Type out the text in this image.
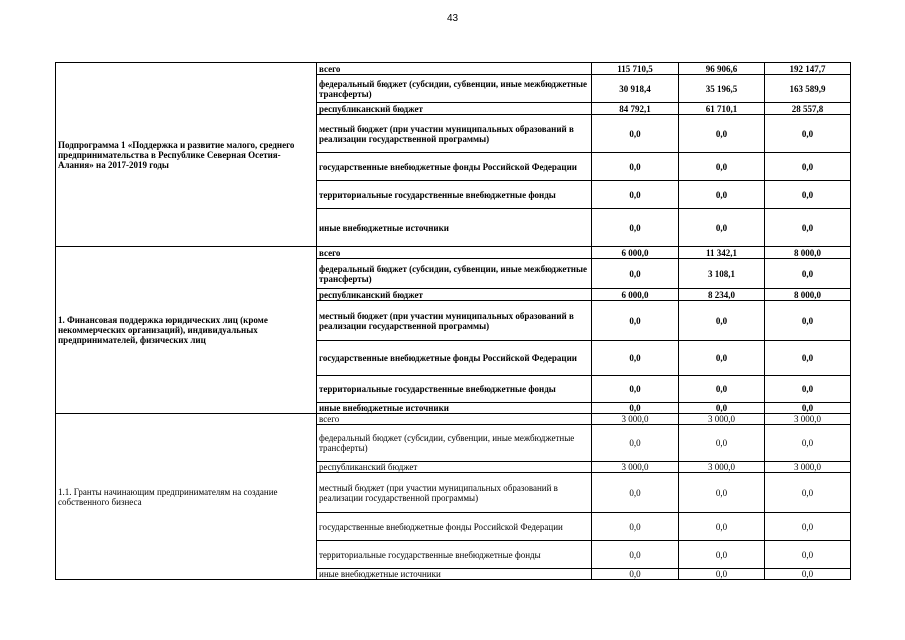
43
Подпрограмма 1 «Поддержка и развитие малого, среднего предпринимательства в Республике Северная Осетия-Алания» на 2017-2019 годы	всего	115 710,5	96 906,6	192 147,7
	федеральный бюджет (субсидии, субвенции, иные межбюджетные трансферты)	30 918,4	35 196,5	163 589,9
	республиканский бюджет	84 792,1	61 710,1	28 557,8
	местный бюджет (при участии муниципальных образований в реализации государственной программы)	0,0	0,0	0,0
	государственные внебюджетные фонды Российской Федерации	0,0	0,0	0,0
	территориальные государственные внебюджетные фонды	0,0	0,0	0,0
	иные внебюджетные источники	0,0	0,0	0,0
1. Финансовая поддержка юридических лиц (кроме некоммерческих организаций), индивидуальных предпринимателей, физических лиц	всего	6 000,0	11 342,1	8 000,0
	федеральный бюджет (субсидии, субвенции, иные межбюджетные трансферты)	0,0	3 108,1	0,0
	республиканский бюджет	6 000,0	8 234,0	8 000,0
	местный бюджет (при участии муниципальных образований в реализации государственной программы)	0,0	0,0	0,0
	государственные внебюджетные фонды Российской Федерации	0,0	0,0	0,0
	территориальные государственные внебюджетные фонды	0,0	0,0	0,0
	иные внебюджетные источники	0,0	0,0	0,0
1.1. Гранты начинающим предпринимателям на создание собственного бизнеса	всего	3 000,0	3 000,0	3 000,0
	федеральный бюджет (субсидии, субвенции, иные межбюджетные трансферты)	0,0	0,0	0,0
	республиканский бюджет	3 000,0	3 000,0	3 000,0
	местный бюджет (при участии муниципальных образований в реализации государственной программы)	0,0	0,0	0,0
	государственные внебюджетные фонды Российской Федерации	0,0	0,0	0,0
	территориальные государственные внебюджетные фонды	0,0	0,0	0,0
	иные внебюджетные источники	0,0	0,0	0,0
